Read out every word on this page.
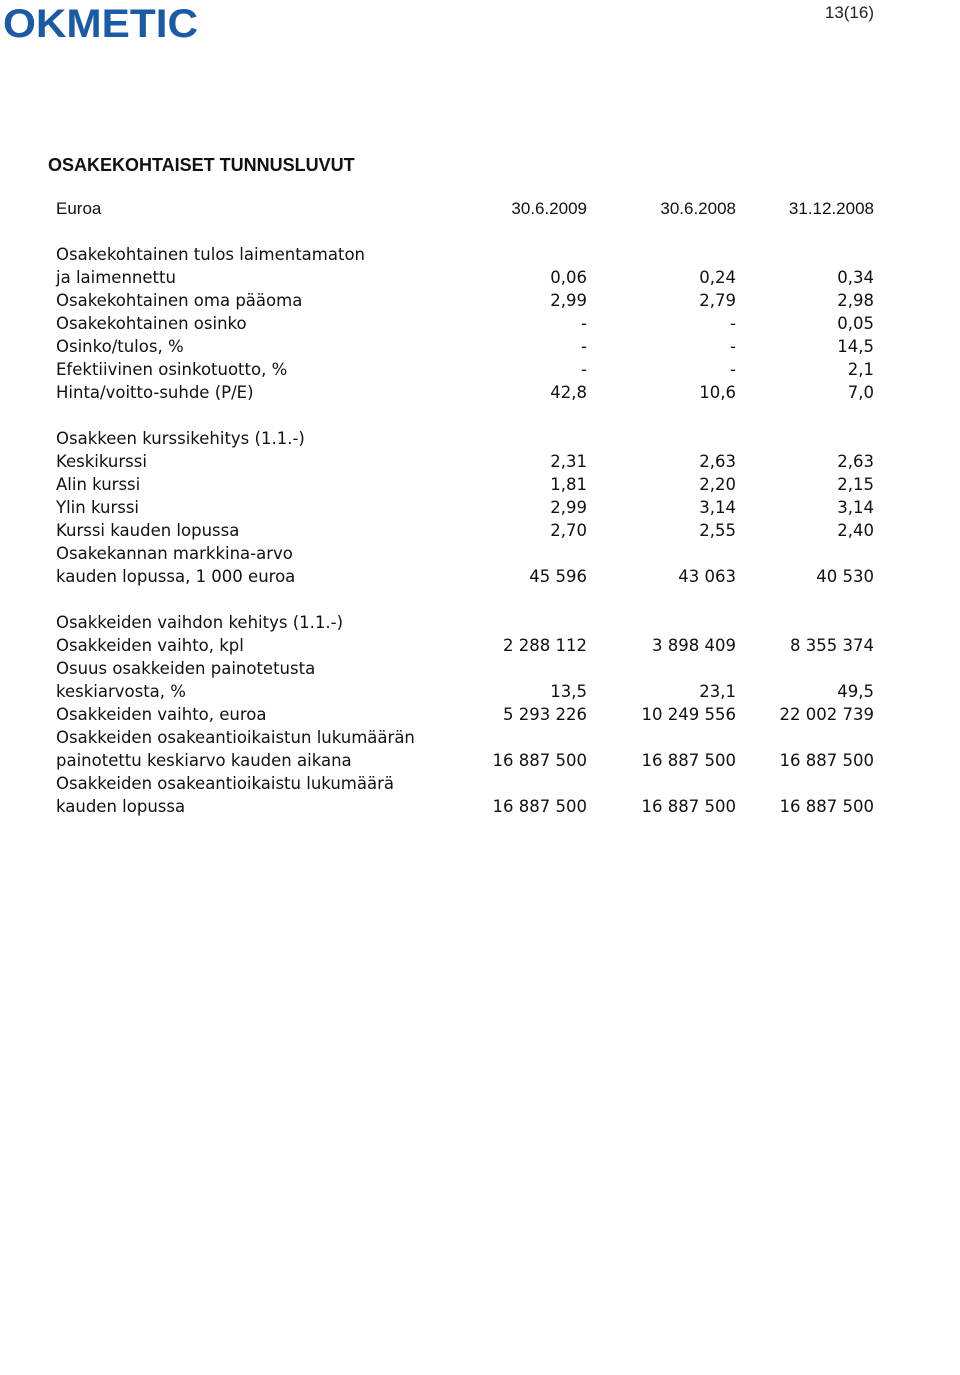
OKMETIC	13(16)
OSAKEKOHTAISET TUNNUSLUVUT
Euroa	30.6.2009	30.6.2008	31.12.2008
Osakekohtainen tulos laimentamaton
ja laimennettu	0,06	0,24	0,34
Osakekohtainen oma pääoma	2,99	2,79	2,98
Osakekohtainen osinko	-	-	0,05
Osinko/tulos, %	-	-	14,5
Efektiivinen osinkotuotto, %	-	-	2,1
Hinta/voitto-suhde (P/E)	42,8	10,6	7,0
Osakkeen kurssikehitys (1.1.-)
Keskikurssi	2,31	2,63	2,63
Alin kurssi	1,81	2,20	2,15
Ylin kurssi	2,99	3,14	3,14
Kurssi kauden lopussa	2,70	2,55	2,40
Osakekannan markkina-arvo
kauden lopussa, 1 000 euroa	45 596	43 063	40 530
Osakkeiden vaihdon kehitys (1.1.-)
Osakkeiden vaihto, kpl	2 288 112	3 898 409	8 355 374
Osuus osakkeiden painotetusta
keskiarvosta, %	13,5	23,1	49,5
Osakkeiden vaihto, euroa	5 293 226	10 249 556	22 002 739
Osakkeiden osakeantioikaistun lukumäärän
painotettu keskiarvo kauden aikana	16 887 500	16 887 500	16 887 500
Osakkeiden osakeantioikaistu lukumäärä
kauden lopussa	16 887 500	16 887 500	16 887 500
